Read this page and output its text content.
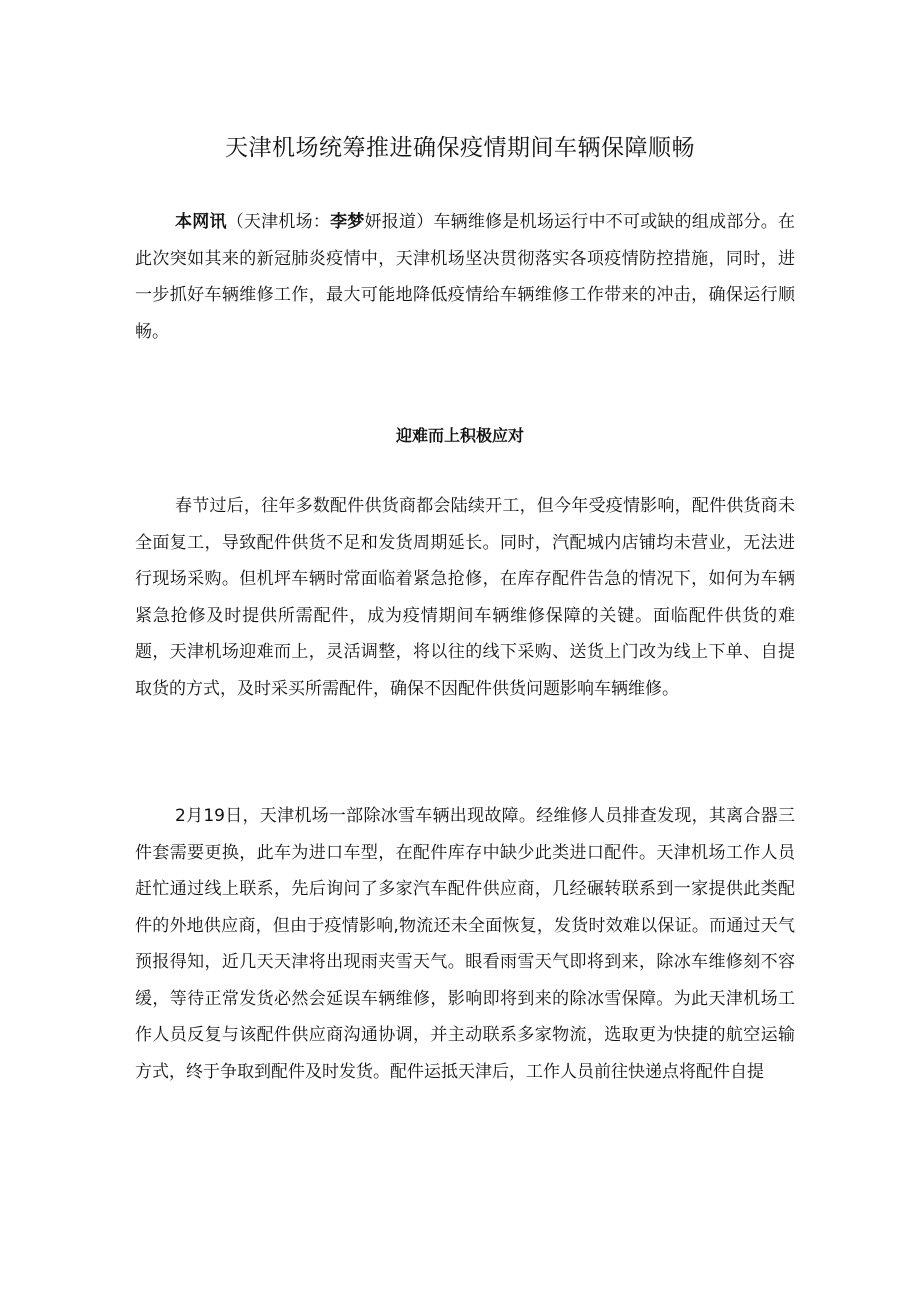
天津机场统筹推进确保疫情期间车辆保障顺畅

本网讯（天津机场：李梦妍报道）车辆维修是机场运行中不可或缺的组成部分。在此次突如其来的新冠肺炎疫情中，天津机场坚决贯彻落实各项疫情防控措施，同时，进一步抓好车辆维修工作，最大可能地降低疫情给车辆维修工作带来的冲击，确保运行顺畅。

迎难而上积极应对

春节过后，往年多数配件供货商都会陆续开工，但今年受疫情影响，配件供货商未全面复工，导致配件供货不足和发货周期延长。同时，汽配城内店铺均未营业，无法进行现场采购。但机坪车辆时常面临着紧急抢修，在库存配件告急的情况下，如何为车辆紧急抢修及时提供所需配件，成为疫情期间车辆维修保障的关键。面临配件供货的难题，天津机场迎难而上，灵活调整，将以往的线下采购、送货上门改为线上下单、自提取货的方式，及时采买所需配件，确保不因配件供货问题影响车辆维修。

2月19日，天津机场一部除冰雪车辆出现故障。经维修人员排查发现，其离合器三件套需要更换，此车为进口车型，在配件库存中缺少此类进口配件。天津机场工作人员赶忙通过线上联系，先后询问了多家汽车配件供应商，几经碾转联系到一家提供此类配件的外地供应商，但由于疫情影响,物流还未全面恢复，发货时效难以保证。而通过天气预报得知，近几天天津将出现雨夹雪天气。眼看雨雪天气即将到来，除冰车维修刻不容缓，等待正常发货必然会延误车辆维修，影响即将到来的除冰雪保障。为此天津机场工作人员反复与该配件供应商沟通协调，并主动联系多家物流，选取更为快捷的航空运输方式，终于争取到配件及时发货。配件运抵天津后，工作人员前往快递点将配件自提
